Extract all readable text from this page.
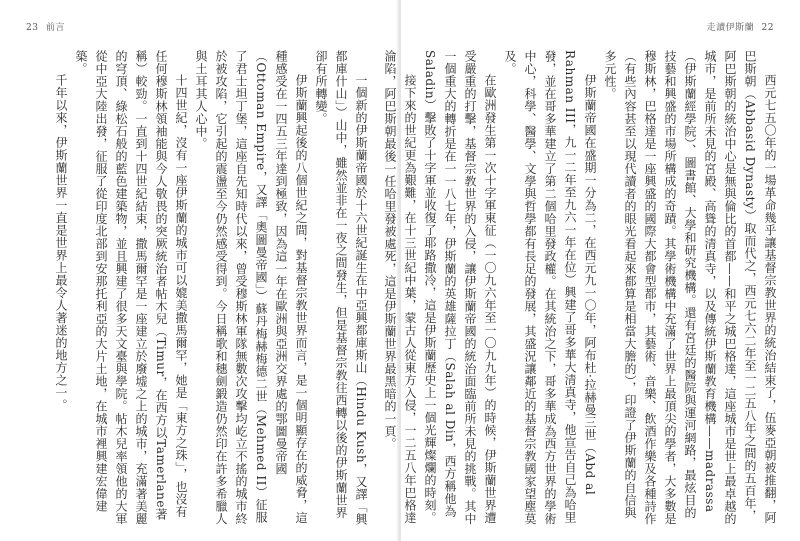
23 前言

一個新的伊斯蘭帝國於十六世紀誕生在中亞興都庫斯山（Hindu Kush，又譯「興都庫什山」）山中，雖然並非在一夜之間發生，但是基督宗教往西轉以後的伊斯蘭世界卻有所轉變。

伊斯蘭興起後的八個世紀之間，對基督宗教世界而言，是一個明顯存在的威脅，這種感受在一四五三年達到極致，因為這一年在歐洲與亞洲交界處的鄂圖曼帝國（Ottoman Empire，又譯「奧圖曼帝國」）蘇丹梅赫梅德二世（Mehmed II）征服了君士坦丁堡，這座自先知時代以來，曾受穆斯林軍隊無數次攻擊均屹立不搖的城市終於被攻陷，它引起的震盪至今仍然感受得到。今日稱歌和穗劍鍛造仍然印在許多希臘人與土耳其人心中。

十四世紀，沒有一座伊斯蘭的城市可以媲美撒馬爾罕，她是「東方之珠」，也沒有任何穆斯林領袖能與今人敬畏的突厥統治者帖木兒（Timur，在西方以Tamerlane著稱）較勁。一直到十四世紀結束，撒馬爾罕是一座建立於廢墟之上的城市，充滿著美麗的穹頂、綠松石般的藍色建築物，並且興建了很多天文臺與學院。帖木兒率領他的大軍從中亞大陸出發，征服了從印度北部到安那托利亞的大片土地，在城市裡興建宏偉建築。

千年以來，伊斯蘭世界一直是世界上最令人著迷的地方之一。

走讀伊斯蘭 22

西元七五〇年的一場革命幾乎讓基督宗教世界的統治結束了，伍麥亞朝被推翻，阿巴斯朝（Abbasid Dynasty）取而代之，西元七六二年至一二五八年之間的五百年，阿巴斯朝的統治中心是無與倫比的首都——和平之城巴格達，這座城市是世上最卓越的城市，是前所未見的宮殿、高聳的清真寺，以及傳統伊斯蘭教育機構——madrassa（伊斯蘭經學院）、圖書館、大學和研究機構。還有宮廷的醫院與運河網路，最炫目的技藝和興盛的市場所構成的奇蹟。其學術機構中充滿了世界上最頂尖的學者，大多數是穆斯林，巴格達是一座興盛的國際大都會型都市，其藝術、音樂、飲酒作樂及各種詩作（有些內容甚至以現代讀者的眼光看起來都算是相當大膽的），印證了伊斯蘭的自信與多元性。

伊斯蘭帝國在盛期一分為二，在西元九一〇年，阿布杜·拉赫曼三世（Abd al Rahman III，九一二年至九六一年在位）興建了哥多華大清真寺，他宣告自己為哈里發，並在哥多華建立了第二個哈里發政權。在其統治之下，哥多華成為西方世界的學術中心，科學、醫學、文學與哲學都有長足的發展，其盛況讓鄰近的基督宗教國家望塵莫及。

在歐洲發生第一次十字軍東征（一〇九六年至一〇九九年）的時候，伊斯蘭世界遭受嚴重的打擊，基督宗教世界的入侵，讓伊斯蘭帝國的統治面臨前所未見的挑戰。其中一個重大的轉折是在一一八七年，伊斯蘭的英雄薩拉丁（Salah al Din，西方稱他為Saladin）擊敗了十字軍並收復了耶路撒冷，這是伊斯蘭歷史上一個光輝燦爛的時刻。

接下來的世紀更為艱難，在十三世紀中葉，蒙古人從東方入侵，一二五八年巴格達淪陷，阿巴斯朝最後一任哈里發被處死，這是伊斯蘭世界最黑暗的一頁。
